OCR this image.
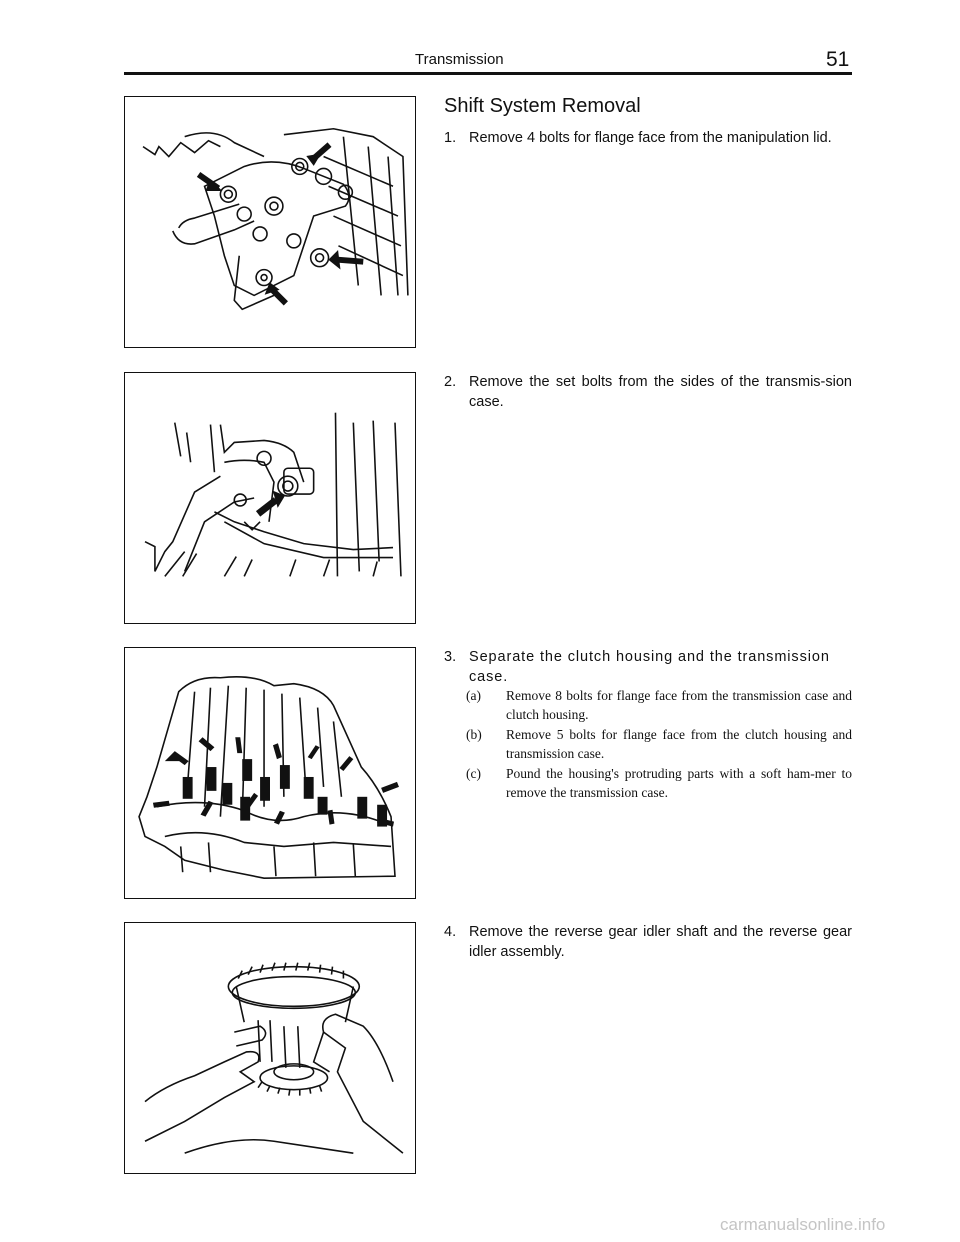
Transmission	51
Shift System Removal
1. Remove 4 bolts for flange face from the manipulation lid.
2. Remove the set bolts from the sides of the transmis-sion case.
3. Separate the clutch housing and the transmission case.
(a)	Remove 8 bolts for flange face from the transmission case and clutch housing.
(b)	Remove 5 bolts for flange face from the clutch housing and transmission case.
(c)	Pound the housing's protruding parts with a soft ham-mer to remove the transmission case.
4. Remove the reverse gear idler shaft and the reverse gear idler assembly.
carmanualsonline.info
